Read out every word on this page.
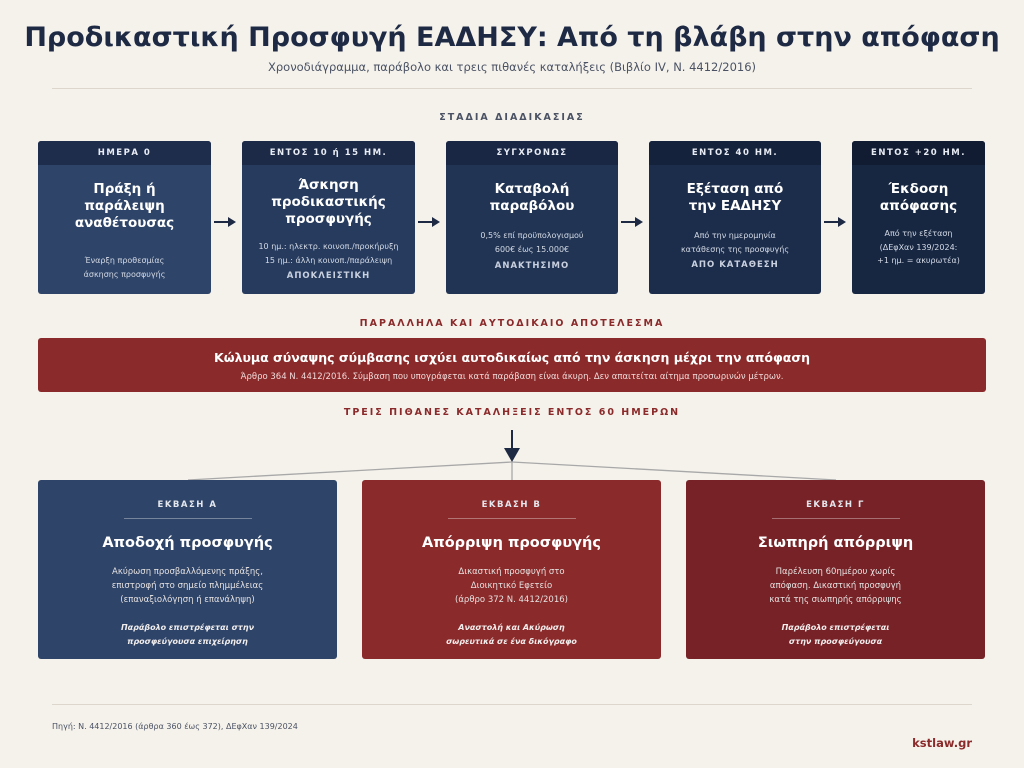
Προδικαστική Προσφυγή ΕΑΔΗΣΥ: Από τη βλάβη στην απόφαση
Χρονοδιάγραμμα, παράβολο και τρεις πιθανές καταλήξεις (Βιβλίο IV, Ν. 4412/2016)
ΣΤΑΔΙΑ ΔΙΑΔΙΚΑΣΙΑΣ
ΗΜΕΡΑ 0
Πράξη ή
παράλειψη
αναθέτουσας
Έναρξη προθεσμίας
άσκησης προσφυγής
ΕΝΤΟΣ 10 ή 15 ΗΜ.
Άσκηση
προδικαστικής
προσφυγής
10 ημ.: ηλεκτρ. κοινοπ./προκήρυξη
15 ημ.: άλλη κοινοπ./παράλειψη
ΑΠΟΚΛΕΙΣΤΙΚΗ
ΣΥΓΧΡΟΝΩΣ
Καταβολή
παραβόλου
0,5% επί προϋπολογισμού
600€ έως 15.000€
ΑΝΑΚΤΗΣΙΜΟ
ΕΝΤΟΣ 40 ΗΜ.
Εξέταση από
την ΕΑΔΗΣΥ
Από την ημερομηνία
κατάθεσης της προσφυγής
ΑΠΟ ΚΑΤΑΘΕΣΗ
ΕΝΤΟΣ +20 ΗΜ.
Έκδοση
απόφασης
Από την εξέταση
(ΔΕφΧαν 139/2024:
+1 ημ. = ακυρωτέα)
ΠΑΡΑΛΛΗΛΑ ΚΑΙ ΑΥΤΟΔΙΚΑΙΟ ΑΠΟΤΕΛΕΣΜΑ
Κώλυμα σύναψης σύμβασης ισχύει αυτοδικαίως από την άσκηση μέχρι την απόφαση
Άρθρο 364 Ν. 4412/2016. Σύμβαση που υπογράφεται κατά παράβαση είναι άκυρη. Δεν απαιτείται αίτημα προσωρινών μέτρων.
ΤΡΕΙΣ ΠΙΘΑΝΕΣ ΚΑΤΑΛΗΞΕΙΣ ΕΝΤΟΣ 60 ΗΜΕΡΩΝ
ΕΚΒΑΣΗ Α
Αποδοχή προσφυγής
Ακύρωση προσβαλλόμενης πράξης,
επιστροφή στο σημείο πλημμέλειας
(επαναξιολόγηση ή επανάληψη)
Παράβολο επιστρέφεται στην
προσφεύγουσα επιχείρηση
ΕΚΒΑΣΗ Β
Απόρριψη προσφυγής
Δικαστική προσφυγή στο
Διοικητικό Εφετείο
(άρθρο 372 Ν. 4412/2016)
Αναστολή και Ακύρωση
σωρευτικά σε ένα δικόγραφο
ΕΚΒΑΣΗ Γ
Σιωπηρή απόρριψη
Παρέλευση 60ημέρου χωρίς
απόφαση. Δικαστική προσφυγή
κατά της σιωπηρής απόρριψης
Παράβολο επιστρέφεται
στην προσφεύγουσα
Πηγή: Ν. 4412/2016 (άρθρα 360 έως 372), ΔΕφΧαν 139/2024
kstlaw.gr
